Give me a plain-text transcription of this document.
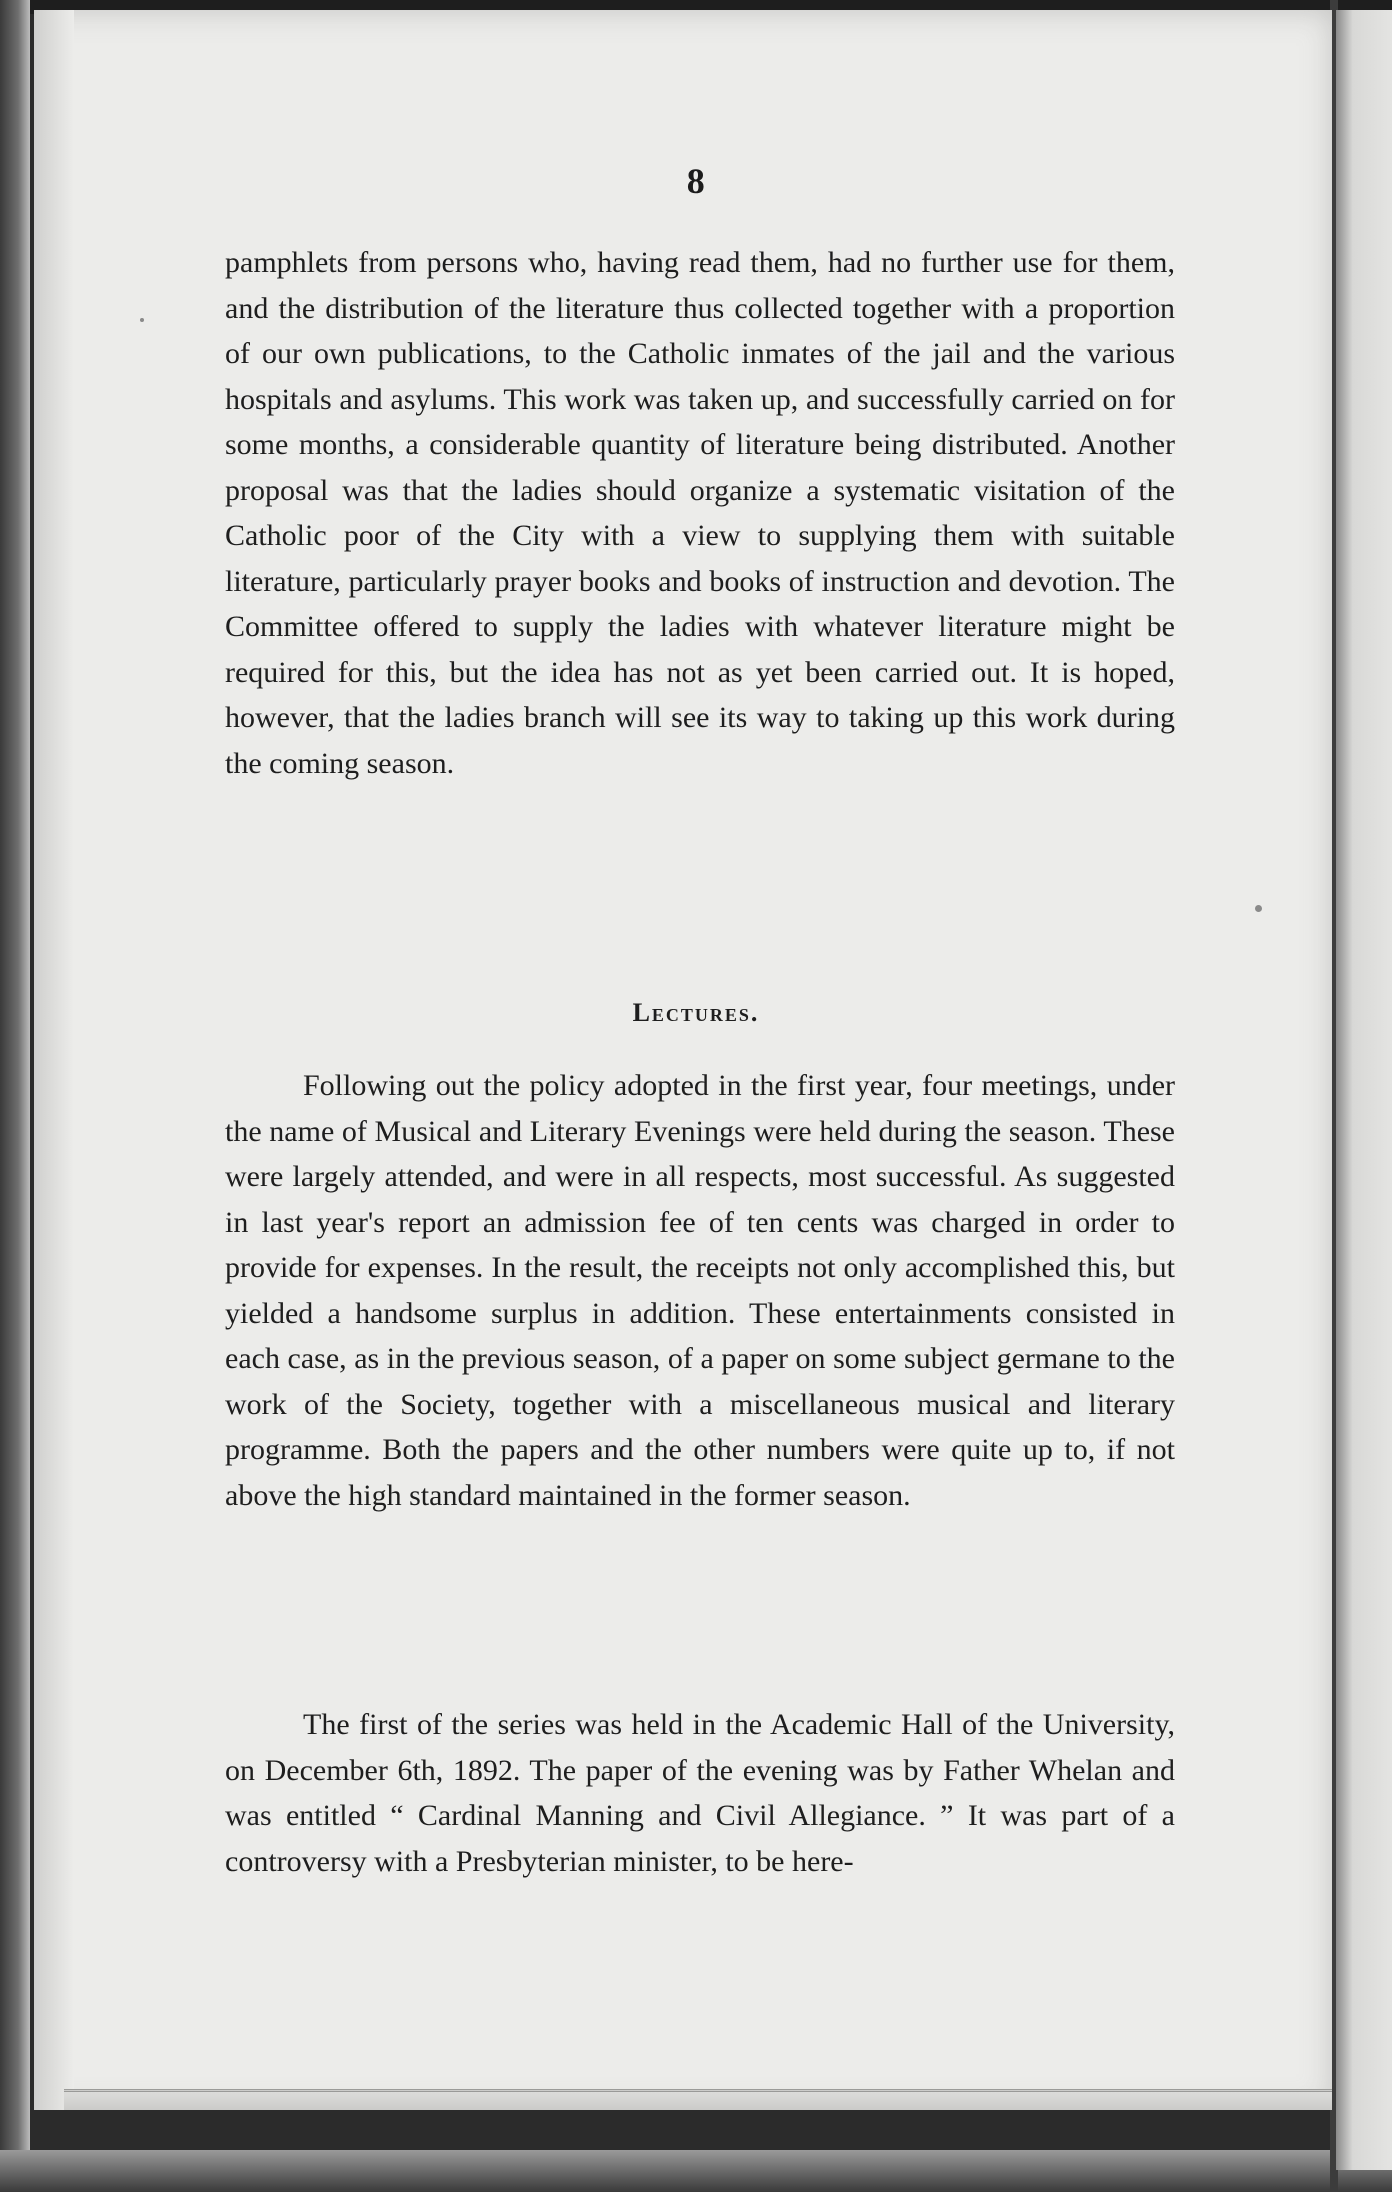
8

pamphlets from persons who, having read them, had no further use for them, and the distribution of the literature thus collected together with a proportion of our own publications, to the Catholic inmates of the jail and the various hospitals and asylums. This work was taken up, and successfully carried on for some months, a considerable quantity of literature being distributed. Another proposal was that the ladies should organize a systematic visitation of the Catholic poor of the City with a view to supplying them with suitable literature, particularly prayer books and books of instruction and devotion. The Committee offered to supply the ladies with whatever literature might be required for this, but the idea has not as yet been carried out. It is hoped, however, that the ladies branch will see its way to taking up this work during the coming season.

Lectures.

Following out the policy adopted in the first year, four meetings, under the name of Musical and Literary Evenings were held during the season. These were largely attended, and were in all respects, most successful. As suggested in last year's report an admission fee of ten cents was charged in order to provide for expenses. In the result, the receipts not only accomplished this, but yielded a handsome surplus in addition. These entertainments consisted in each case, as in the previous season, of a paper on some subject germane to the work of the Society, together with a miscellaneous musical and literary programme. Both the papers and the other numbers were quite up to, if not above the high standard maintained in the former season.

The first of the series was held in the Academic Hall of the University, on December 6th, 1892. The paper of the evening was by Father Whelan and was entitled “ Cardinal Manning and Civil Allegiance. ” It was part of a controversy with a Presbyterian minister, to be here-
